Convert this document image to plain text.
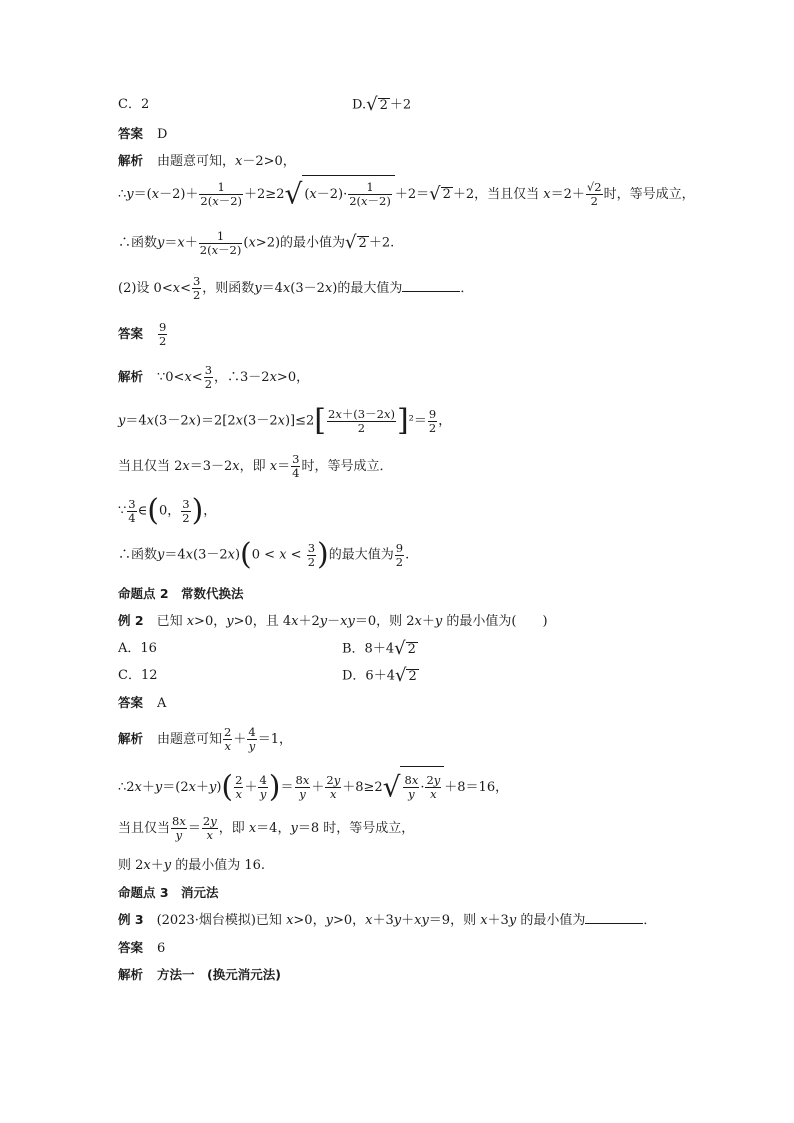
C．2	D.√ 2 ＋2
答案 D
解析 由题意可知，x－2>0，
∴y＝(x－2)＋ $\frac{1}{2(x-2)} +2\ge 2√$ $(x-2)\cdot \frac{1}{2(x-2)} +2=√$ 2 ＋2，当且仅当 $x=2+ \frac{√2}{2}$ 时，等号成立，
∴函数$y=x+ \frac{1}{2(x-2)} (x>2)$的最小值为√ 2 ＋2.
(2)设 $0<x< \frac{3}{2}$ ，则函数y＝4x(3－2x)的最大值为	．
答案 $\frac{9}{2}$
解析 ∵0<x< $\frac{3}{2}$ ，∴3－2x>0，
$y=4x(3-2x)=2[2x(3-2x)]\le 2[ \frac{2x+(3-2x)}{2} ]^2= \frac{9}{2}$ ，
当且仅当 2x＝3－2x，即 $x= \frac{3}{4}$ 时，等号成立．
∵ $\frac{3}{4}$ ∈(0， $\frac{3}{2}$ )，
∴函数$y=4x(3-2x)(0 < x < \frac{3}{2}$ )的最大值为 $\frac{9}{2}$ .
命题点 2　常数代换法
例 2　已知 x>0，y>0，且 4x＋2y－xy＝0，则 2x＋y 的最小值为(　　)
A．16	B．8＋4√ 2
C．12	D．6＋4√ 2
答案 A
解析 由题意可知 $\frac{2}{x} + \frac{4}{y} =1$，
∴2x＋y＝(2x＋y)( $\frac{2}{x} + \frac{4}{y}$ )＝ $\frac{8x}{y} + \frac{2y}{x} +8\ge 2√ \frac{8x}{y} \cdot \frac{2y}{x} +8=16$，
当且仅当 $\frac{8x}{y} = \frac{2y}{x}$ ，即 x＝4，y＝8 时，等号成立，
则 2x＋y 的最小值为 16.
命题点 3　消元法
例 3　(2023·烟台模拟)已知 x>0，y>0，x＋3y＋xy＝9，则 x＋3y 的最小值为	．
答案 6
解析 方法一　(换元消元法)
